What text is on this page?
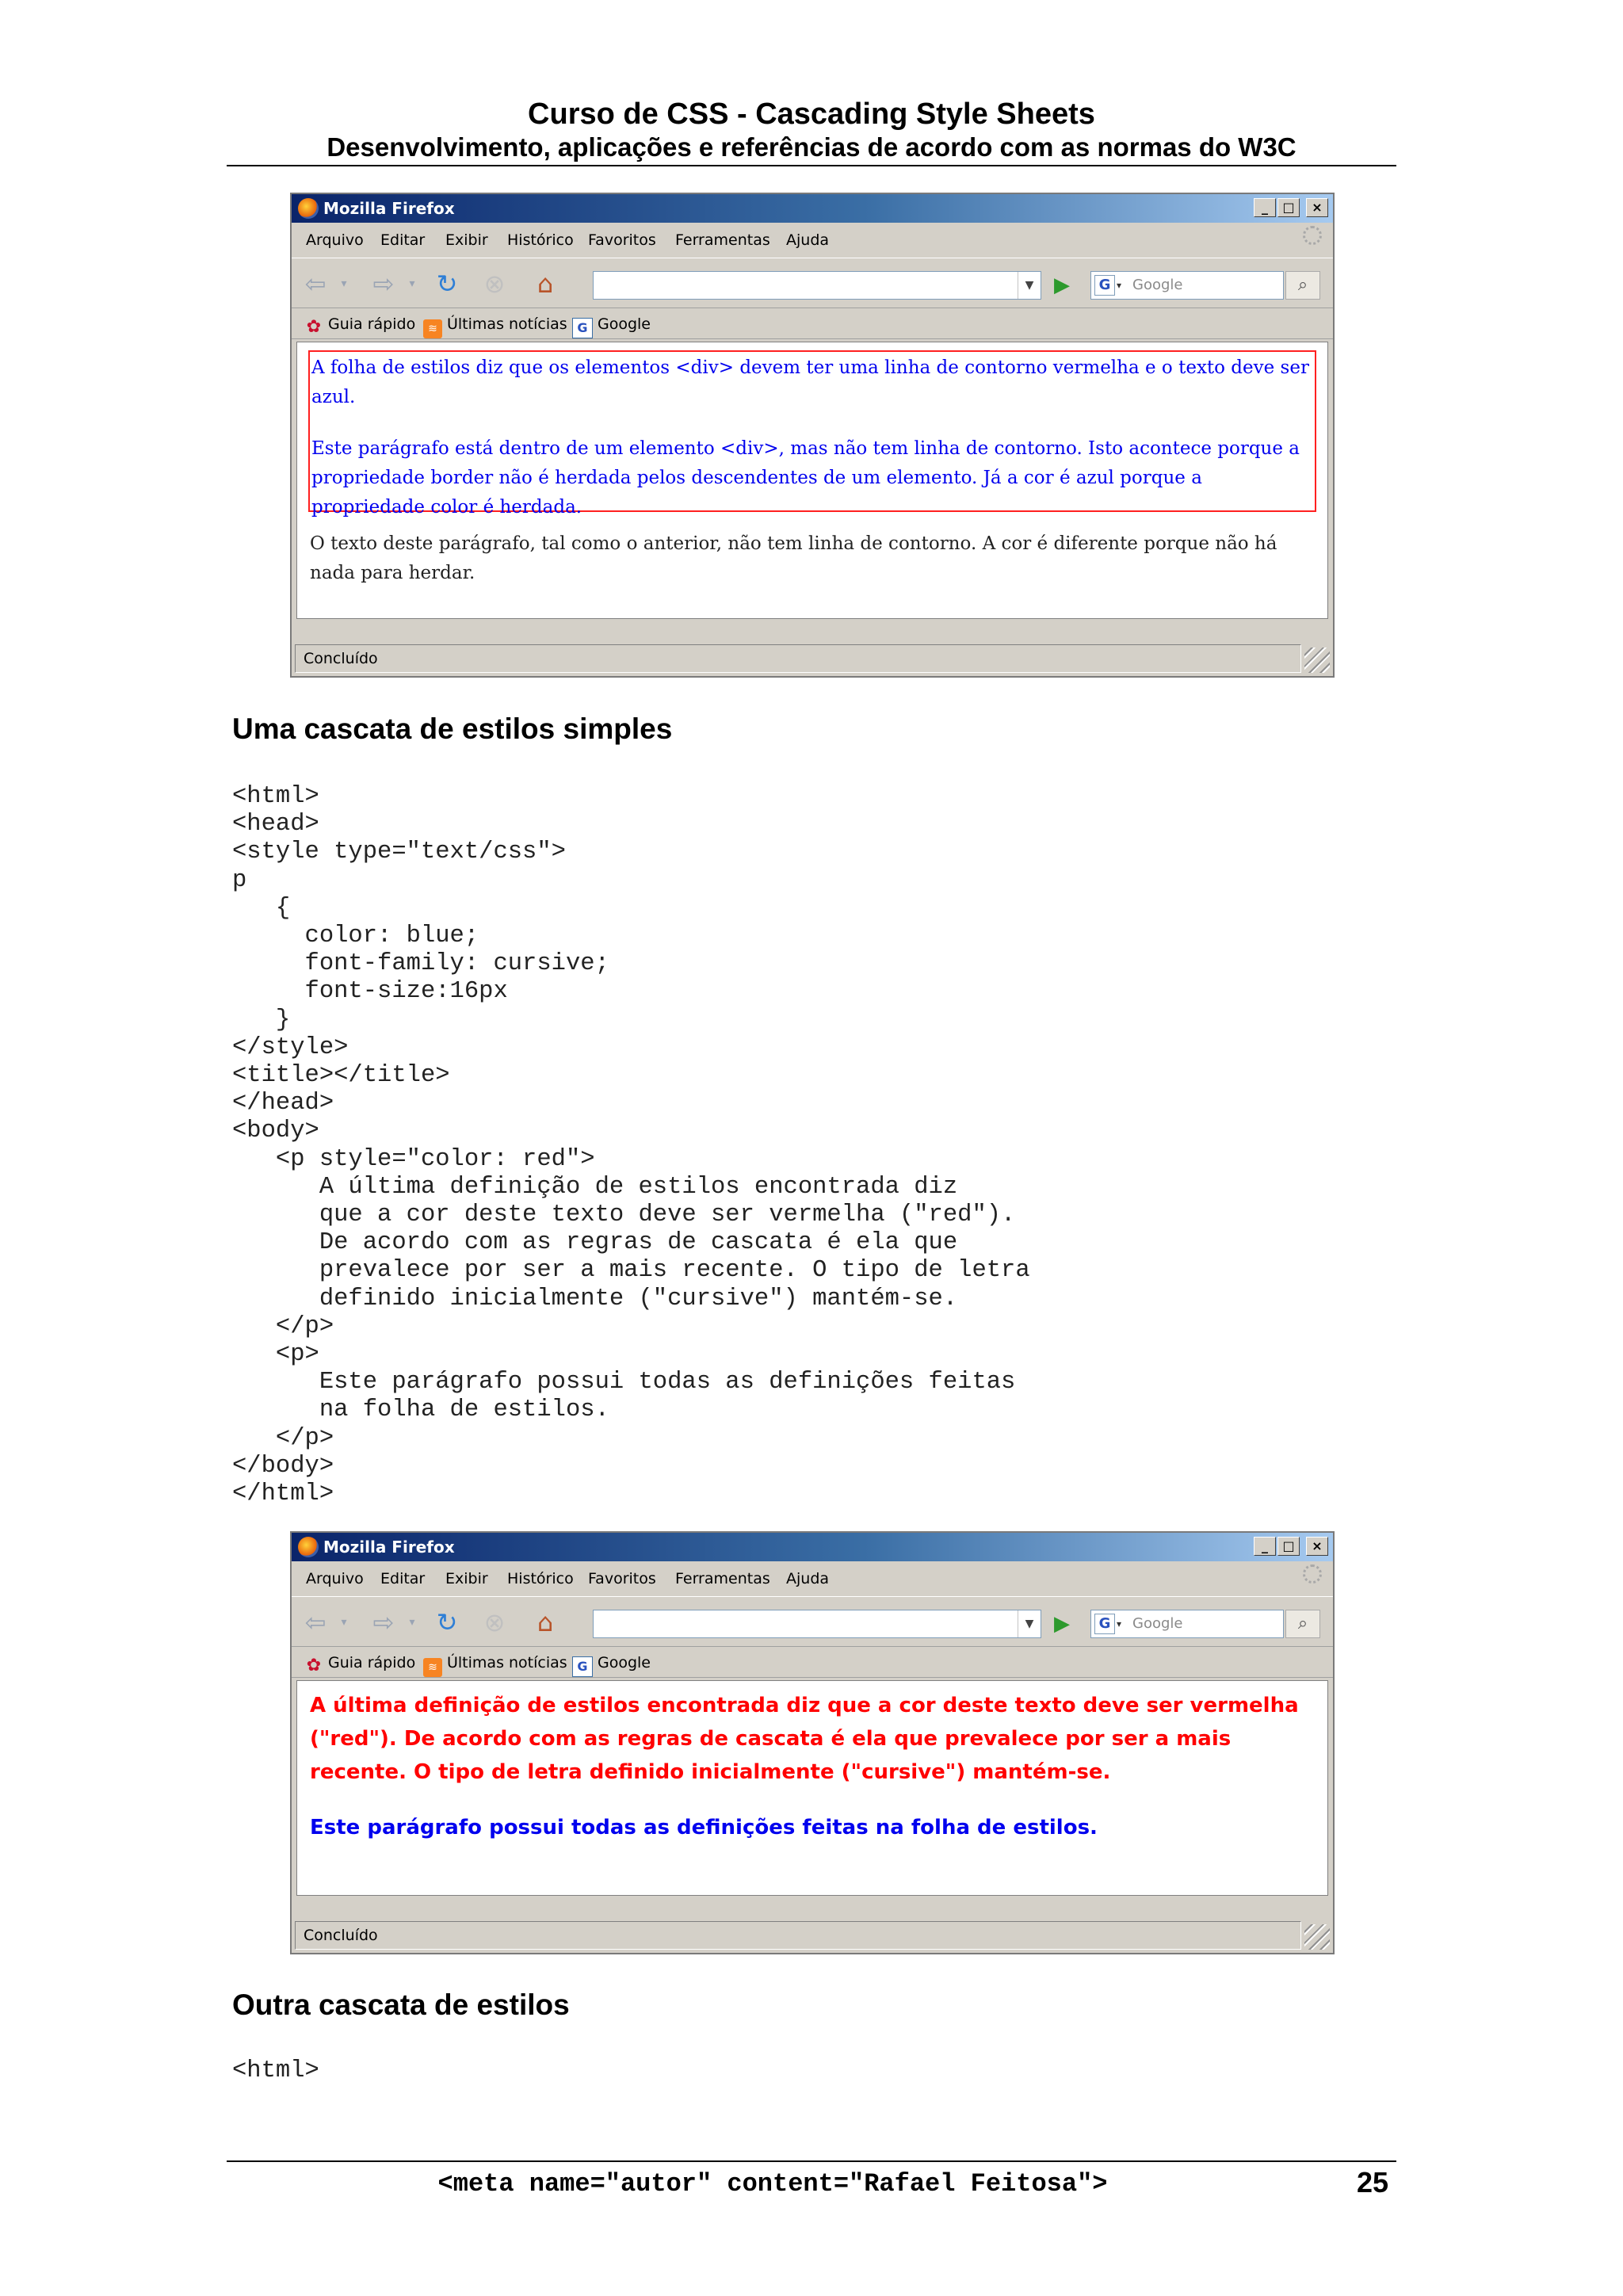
Curso de CSS - Cascading Style Sheets
Desenvolvimento, aplicações e referências de acordo com as normas do W3C
Mozilla Firefox	_	□	×
Arquivo Editar Exibir Histórico Favoritos Ferramentas Ajuda
⇦	▾ ⇨	▾ ↻ ⊗	⌂	▼ ▶	G ▾ Google	⌕
✿ Guia rápido	≋ Últimas notícias G Google

A folha de estilos diz que os elementos <div> devem ter uma linha de contorno vermelha e o texto deve ser azul.

Este parágrafo está dentro de um elemento <div>, mas não tem linha de contorno. Isto acontece porque a propriedade border não é herdada pelos descendentes de um elemento. Já a cor é azul porque a propriedade color é herdada.

O texto deste parágrafo, tal como o anterior, não tem linha de contorno. A cor é diferente porque não há nada para herdar.

Concluído
Uma cascata de estilos simples
<html>
<head>
<style type="text/css">
p
{
color: blue;
font-family: cursive;
font-size:16px
}
</style>
<title></title>
</head>
<body>
<p style="color: red">
A última definição de estilos encontrada diz
que a cor deste texto deve ser vermelha ("red").
De acordo com as regras de cascata é ela que
prevalece por ser a mais recente. O tipo de letra
definido inicialmente ("cursive") mantém-se.
</p>
<p>
Este parágrafo possui todas as definições feitas
na folha de estilos.
</p>
</body>
</html>
Mozilla Firefox	_	□	×
Arquivo Editar Exibir Histórico Favoritos Ferramentas Ajuda
⇦	▾ ⇨	▾ ↻ ⊗	⌂	▼ ▶	G ▾ Google	⌕
✿ Guia rápido	≋ Últimas notícias G Google

A última definição de estilos encontrada diz que a cor deste texto deve ser vermelha ("red"). De acordo com as regras de cascata é ela que prevalece por ser a mais recente. O tipo de letra definido inicialmente ("cursive") mantém-se.

Este parágrafo possui todas as definições feitas na folha de estilos.

Concluído
Outra cascata de estilos
<html>
<meta name="autor" content="Rafael Feitosa">	25
